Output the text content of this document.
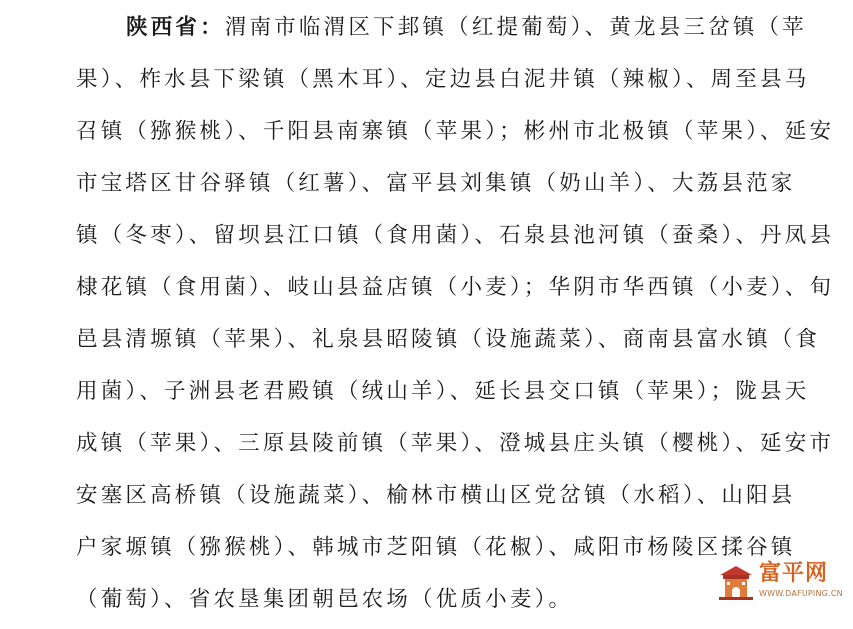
陕西省：渭南市临渭区下邽镇（红提葡萄）、黄龙县三岔镇（苹
果）、柞水县下梁镇（黑木耳）、定边县白泥井镇（辣椒）、周至县马
召镇（猕猴桃）、千阳县南寨镇（苹果）；彬州市北极镇（苹果）、延安
市宝塔区甘谷驿镇（红薯）、富平县刘集镇（奶山羊）、大荔县范家
镇（冬枣）、留坝县江口镇（食用菌）、石泉县池河镇（蚕桑）、丹凤县
棣花镇（食用菌）、岐山县益店镇（小麦）；华阴市华西镇（小麦）、旬
邑县清塬镇（苹果）、礼泉县昭陵镇（设施蔬菜）、商南县富水镇（食
用菌）、子洲县老君殿镇（绒山羊）、延长县交口镇（苹果）；陇县天
成镇（苹果）、三原县陵前镇（苹果）、澄城县庄头镇（樱桃）、延安市
安塞区高桥镇（设施蔬菜）、榆林市横山区党岔镇（水稻）、山阳县
户家塬镇（猕猴桃）、韩城市芝阳镇（花椒）、咸阳市杨陵区揉谷镇
（葡萄）、省农垦集团朝邑农场（优质小麦）。
富平网
WWW.DAFUPING.CN
